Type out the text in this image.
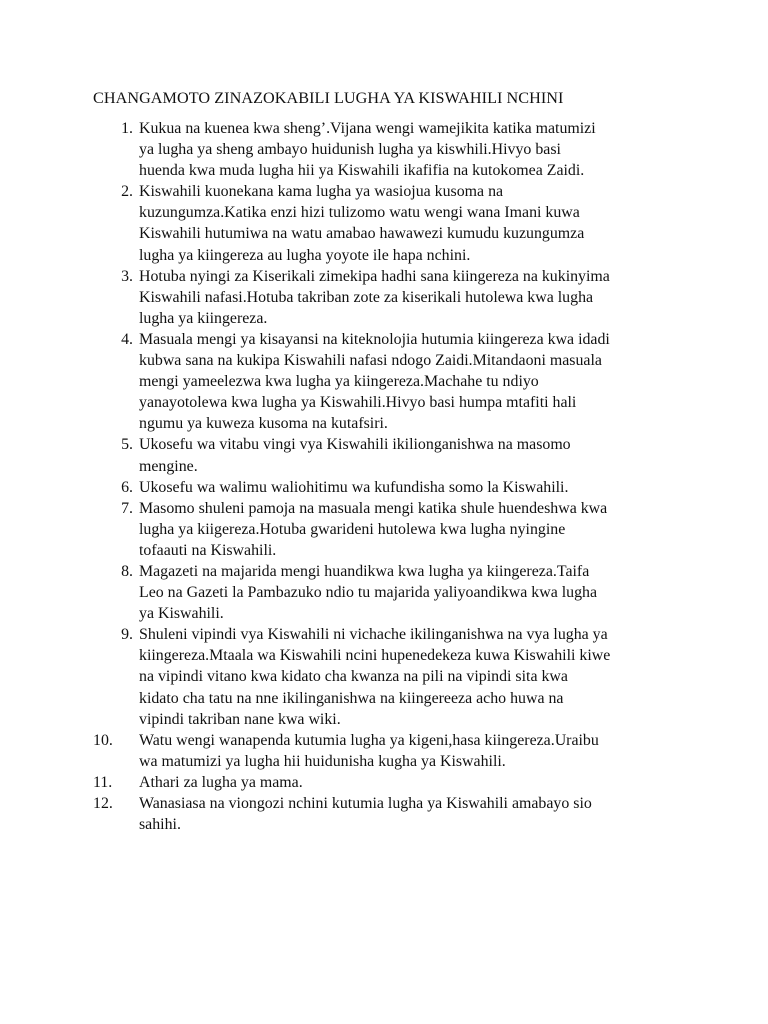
CHANGAMOTO ZINAZOKABILI LUGHA YA KISWAHILI NCHINI
1. Kukua na kuenea kwa sheng’.Vijana wengi wamejikita katika matumizi
ya lugha ya sheng ambayo huidunish lugha ya kiswhili.Hivyo basi
huenda kwa muda lugha hii ya Kiswahili ikafifia na kutokomea Zaidi.
2. Kiswahili kuonekana kama lugha ya wasiojua kusoma na
kuzungumza.Katika enzi hizi tulizomo watu wengi wana Imani kuwa
Kiswahili hutumiwa na watu amabao hawawezi kumudu kuzungumza
lugha ya kiingereza au lugha yoyote ile hapa nchini.
3. Hotuba nyingi za Kiserikali zimekipa hadhi sana kiingereza na kukinyima
Kiswahili nafasi.Hotuba takriban zote za kiserikali hutolewa kwa lugha
lugha ya kiingereza.
4. Masuala mengi ya kisayansi na kiteknolojia hutumia kiingereza kwa idadi
kubwa sana na kukipa Kiswahili nafasi ndogo Zaidi.Mitandaoni masuala
mengi yameelezwa kwa lugha ya kiingereza.Machahe tu ndiyo
yanayotolewa kwa lugha ya Kiswahili.Hivyo basi humpa mtafiti hali
ngumu ya kuweza kusoma na kutafsiri.
5. Ukosefu wa vitabu vingi vya Kiswahili ikilionganishwa na masomo
mengine.
6. Ukosefu wa walimu waliohitimu wa kufundisha somo la Kiswahili.
7. Masomo shuleni pamoja na masuala mengi katika shule huendeshwa kwa
lugha ya kiigereza.Hotuba gwarideni hutolewa kwa lugha nyingine
tofaauti na Kiswahili.
8. Magazeti na majarida mengi huandikwa kwa lugha ya kiingereza.Taifa
Leo na Gazeti la Pambazuko ndio tu majarida yaliyoandikwa kwa lugha
ya Kiswahili.
9. Shuleni vipindi vya Kiswahili ni vichache ikilinganishwa na vya lugha ya
kiingereza.Mtaala wa Kiswahili ncini hupenedekeza kuwa Kiswahili kiwe
na vipindi vitano kwa kidato cha kwanza na pili na vipindi sita kwa
kidato cha tatu na nne ikilinganishwa na kiingereeza acho huwa na
vipindi takriban nane kwa wiki.
10.	Watu wengi wanapenda kutumia lugha ya kigeni,hasa kiingereza.Uraibu
wa matumizi ya lugha hii huidunisha kugha ya Kiswahili.
11.	Athari za lugha ya mama.
12.	Wanasiasa na viongozi nchini kutumia lugha ya Kiswahili amabayo sio
sahihi.
